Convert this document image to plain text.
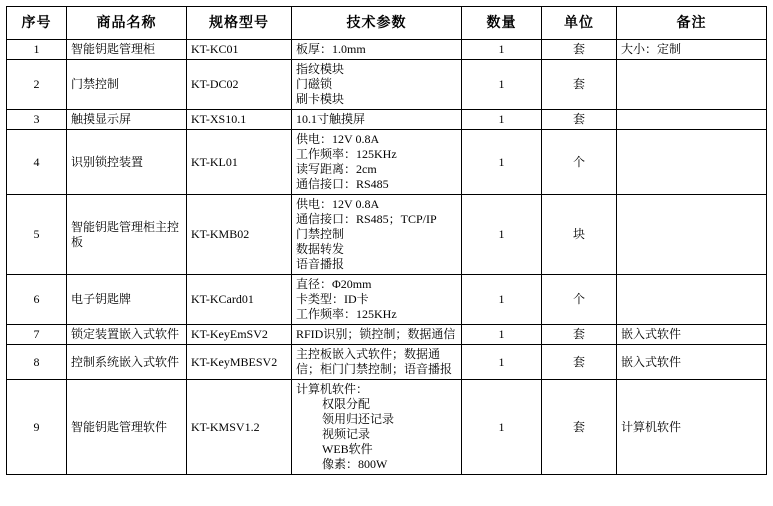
序号	商品名称	规格型号	技术参数	数量	单位	备注
1	智能钥匙管理柜	KT-KC01	板厚：1.0mm	1	套	大小：定制
2	门禁控制	KT-DC02	指纹模块
门磁锁
刷卡模块	1	套	
3	触摸显示屏	KT-XS10.1	10.1寸触摸屏	1	套	
4	识别锁控装置	KT-KL01	供电：12V 0.8A
工作频率：125KHz
读写距离：2cm
通信接口：RS485	1	个	
5	智能钥匙管理柜主控板	KT-KMB02	供电：12V 0.8A
通信接口：RS485；TCP/IP
门禁控制
数据转发
语音播报	1	块	
6	电子钥匙牌	KT-KCard01	直径：Φ20mm
卡类型：ID卡
工作频率：125KHz	1	个	
7	锁定装置嵌入式软件	KT-KeyEmSV2	RFID识别；锁控制；数据通信	1	套	嵌入式软件
8	控制系统嵌入式软件	KT-KeyMBESV2	主控板嵌入式软件；数据通信；柜门门禁控制；语音播报	1	套	嵌入式软件
9	智能钥匙管理软件	KT-KMSV1.2	
计算机软件：
权限分配
领用归还记录
视频记录
WEB软件
像素：800W
	1	套	计算机软件
